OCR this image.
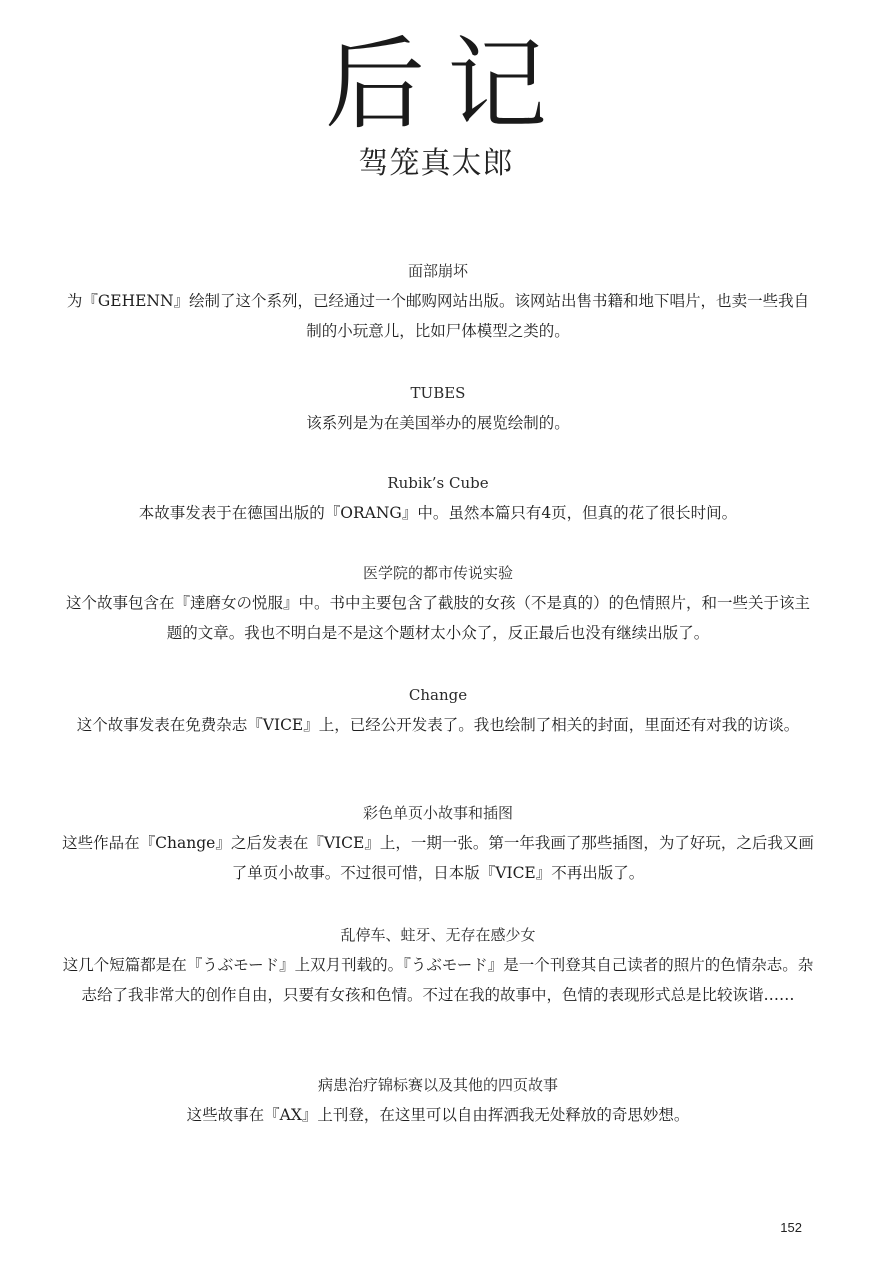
后记
驾笼真太郎

面部崩坏

为『GEHENN』绘制了这个系列，已经通过一个邮购网站出版。该网站出售书籍和地下唱片，也卖一些我自制的小玩意儿，比如尸体模型之类的。

TUBES

该系列是为在美国举办的展览绘制的。

Rubik’s Cube

本故事发表于在德国出版的『ORANG』中。虽然本篇只有4页，但真的花了很长时间。

医学院的都市传说实验

这个故事包含在『達磨女の悦服』中。书中主要包含了截肢的女孩（不是真的）的色情照片，和一些关于该主题的文章。我也不明白是不是这个题材太小众了，反正最后也没有继续出版了。

Change

这个故事发表在免费杂志『VICE』上，已经公开发表了。我也绘制了相关的封面，里面还有对我的访谈。

彩色单页小故事和插图

这些作品在『Change』之后发表在『VICE』上，一期一张。第一年我画了那些插图，为了好玩，之后我又画了单页小故事。不过很可惜，日本版『VICE』不再出版了。

乱停车、蛀牙、无存在感少女

这几个短篇都是在『うぶモード』上双月刊载的。『うぶモード』是一个刊登其自己读者的照片的色情杂志。杂志给了我非常大的创作自由，只要有女孩和色情。不过在我的故事中，色情的表现形式总是比较诙谐……

病患治疗锦标赛以及其他的四页故事

这些故事在『AX』上刊登，在这里可以自由挥洒我无处释放的奇思妙想。

152
